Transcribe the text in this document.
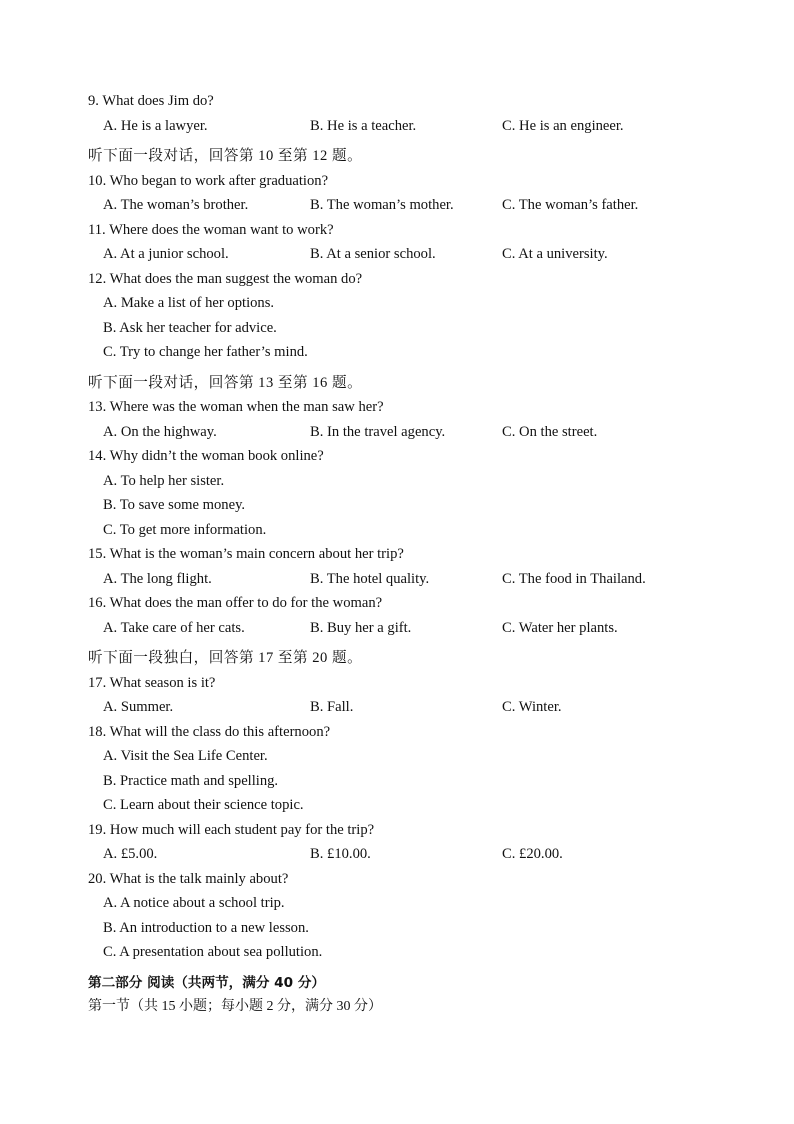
9. What does Jim do?
A. He is a lawyer.	B. He is a teacher.	C. He is an engineer.
听下面一段对话，回答第 10 至第 12 题。
10. Who began to work after graduation?
A. The woman’s brother.	B. The woman’s mother.	C. The woman’s father.
11. Where does the woman want to work?
A. At a junior school.	B. At a senior school.	C. At a university.
12. What does the man suggest the woman do?
A. Make a list of her options.
B. Ask her teacher for advice.
C. Try to change her father’s mind.
听下面一段对话，回答第 13 至第 16 题。
13. Where was the woman when the man saw her?
A. On the highway.	B. In the travel agency.	C. On the street.
14. Why didn’t the woman book online?
A. To help her sister.
B. To save some money.
C. To get more information.
15. What is the woman’s main concern about her trip?
A. The long flight.	B. The hotel quality.	C. The food in Thailand.
16. What does the man offer to do for the woman?
A. Take care of her cats.	B. Buy her a gift.	C. Water her plants.
听下面一段独白，回答第 17 至第 20 题。
17. What season is it?
A. Summer.	B. Fall.	C. Winter.
18. What will the class do this afternoon?
A. Visit the Sea Life Center.
B. Practice math and spelling.
C. Learn about their science topic.
19. How much will each student pay for the trip?
A. £5.00.	B. £10.00.	C. £20.00.
20. What is the talk mainly about?
A. A notice about a school trip.
B. An introduction to a new lesson.
C. A presentation about sea pollution.
第二部分 阅读（共两节，满分 40 分）
第一节（共 15 小题；每小题 2 分，满分 30 分）
